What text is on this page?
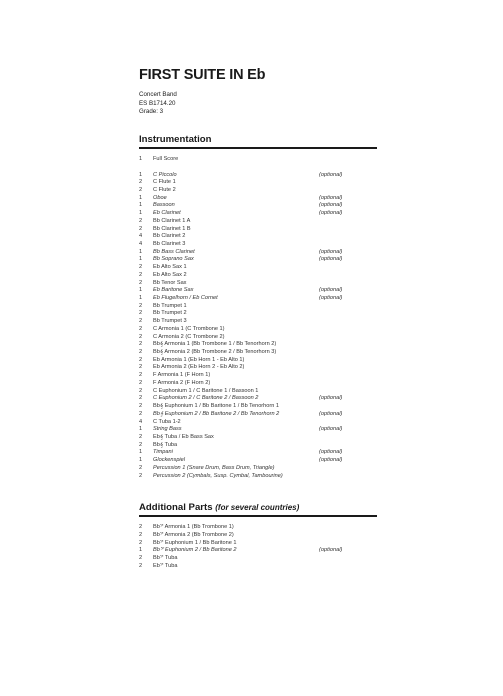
FIRST SUITE IN Eb
Concert Band
ES B1714.20
Grade: 3
Instrumentation
1	Full Score
1	C Piccolo	(optional)
2	C Flute 1
2	C Flute 2
1	Oboe	(optional)
1	Bassoon	(optional)
1	Eb Clarinet	(optional)
2	Bb Clarinet 1 A
2	Bb Clarinet 1 B
4	Bb Clarinet 2
4	Bb Clarinet 3
1	Bb Bass Clarinet	(optional)
1	Bb Soprano Sax	(optional)
2	Eb Alto Sax 1
2	Eb Alto Sax 2
2	Bb Tenor Sax
1	Eb Baritone Sax	(optional)
1	Eb Flugelhorn / Eb Cornet	(optional)
2	Bb Trumpet 1
2	Bb Trumpet 2
2	Bb Trumpet 3
2	C Armonia 1 (C Trombone 1)
2	C Armonia 2 (C Trombone 2)
2	Bb𝄞 Armonia 1 (Bb Trombone 1 / Bb Tenorhorn 2)
2	Bb𝄞 Armonia 2 (Bb Trombone 2 / Bb Tenorhorn 3)
2	Eb Armonia 1 (Eb Horn 1 - Eb Alto 1)
2	Eb Armonia 2 (Eb Horn 2 - Eb Alto 2)
2	F Armonia 1 (F Horn 1)
2	F Armonia 2 (F Horn 2)
2	C Euphonium 1 / C Baritone 1 / Bassoon 1
2	C Euphonium 2 / C Baritone 2 / Bassoon 2	(optional)
2	Bb𝄞 Euphonium 1 / Bb Baritone 1 / Bb Tenorhorn 1
2	Bb𝄞 Euphonium 2 / Bb Baritone 2 / Bb Tenorhorn 2	(optional)
4	C Tuba 1-2
1	String Bass	(optional)
2	Eb𝄞 Tuba / Eb Bass Sax
2	Bb𝄞 Tuba
1	Timpani	(optional)
1	Glockenspiel	(optional)
2	Percussion 1 (Snare Drum, Bass Drum, Triangle)
2	Percussion 2 (Cymbals, Susp. Cymbal, Tambourine)
Additional Parts (for several countries)
2	Bb𝄢 Armonia 1 (Bb Trombone 1)
2	Bb𝄢 Armonia 2 (Bb Trombone 2)
2	Bb𝄢 Euphonium 1 / Bb Baritone 1
1	Bb𝄢 Euphonium 2 / Bb Baritone 2	(optional)
2	Bb𝄢 Tuba
2	Eb𝄢 Tuba
